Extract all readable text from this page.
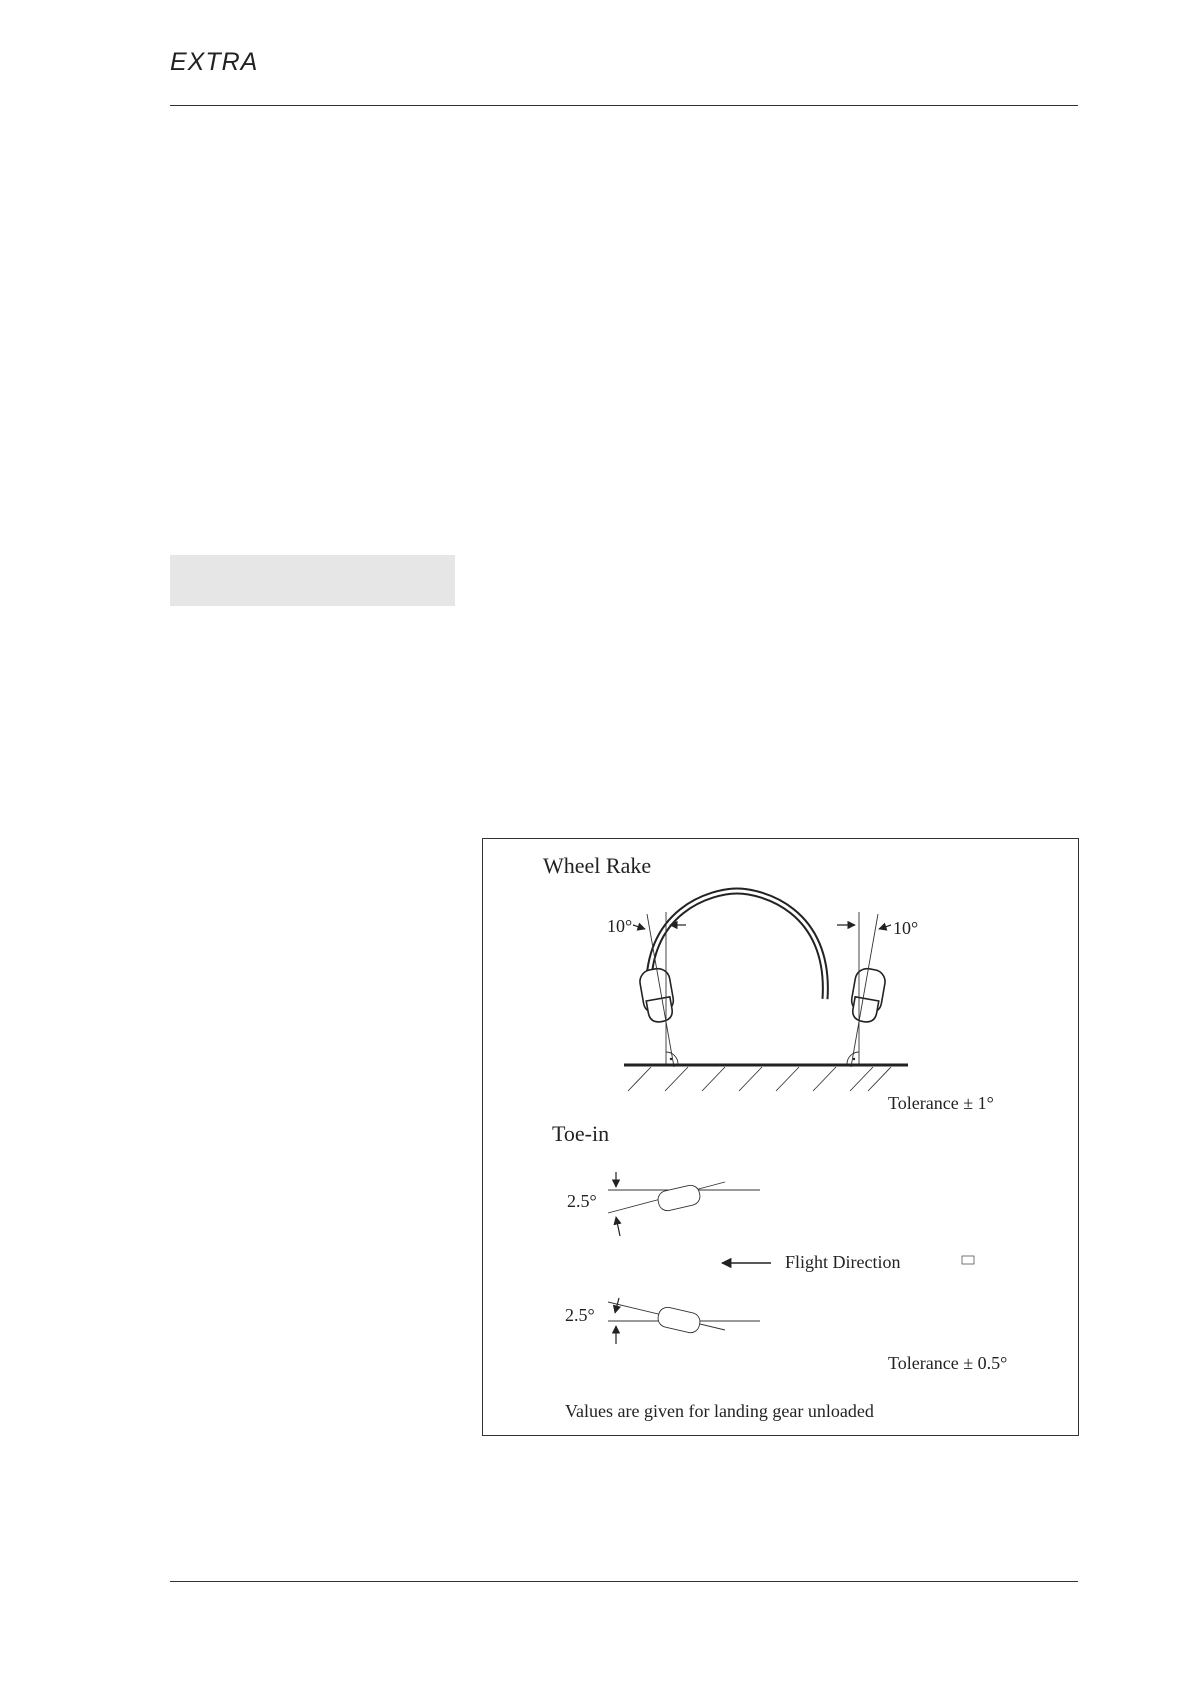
EXTRA
Wheel Rake
10°	10°
Tolerance ± 1°
Toe-in
2.5°
Flight Direction
2.5°
Tolerance ± 0.5°
Values are given for landing gear unloaded
